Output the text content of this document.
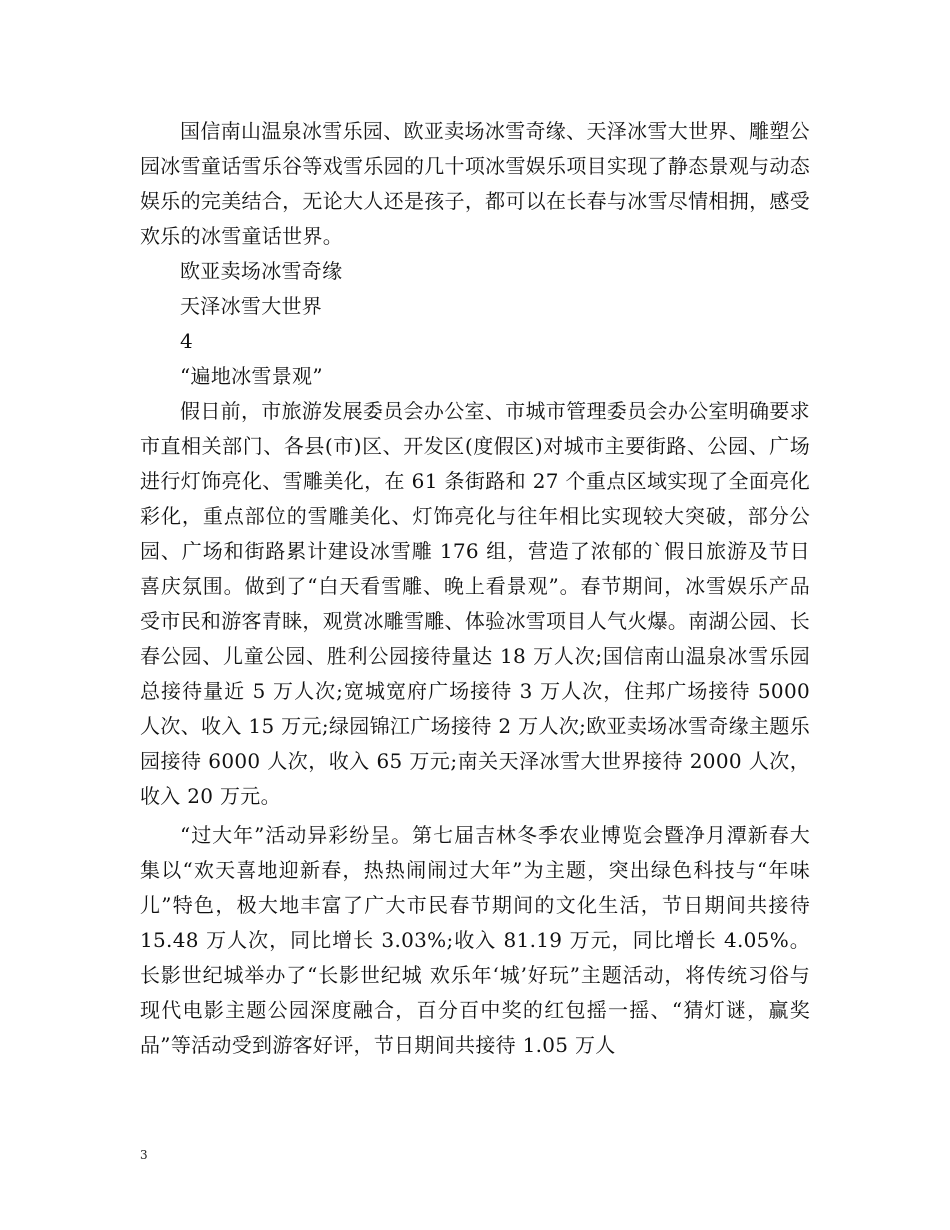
国信南山温泉冰雪乐园、欧亚卖场冰雪奇缘、天泽冰雪大世界、雕塑公园冰雪童话雪乐谷等戏雪乐园的几十项冰雪娱乐项目实现了静态景观与动态娱乐的完美结合，无论大人还是孩子，都可以在长春与冰雪尽情相拥，感受欢乐的冰雪童话世界。

欧亚卖场冰雪奇缘

天泽冰雪大世界

4

“遍地冰雪景观”

假日前，市旅游发展委员会办公室、市城市管理委员会办公室明确要求市直相关部门、各县(市)区、开发区(度假区)对城市主要街路、公园、广场进行灯饰亮化、雪雕美化，在 61 条街路和 27 个重点区域实现了全面亮化彩化，重点部位的雪雕美化、灯饰亮化与往年相比实现较大突破，部分公园、广场和街路累计建设冰雪雕 176 组，营造了浓郁的`假日旅游及节日喜庆氛围。做到了“白天看雪雕、晚上看景观”。春节期间，冰雪娱乐产品受市民和游客青睐，观赏冰雕雪雕、体验冰雪项目人气火爆。南湖公园、长春公园、儿童公园、胜利公园接待量达 18 万人次;国信南山温泉冰雪乐园总接待量近 5 万人次;宽城宽府广场接待 3 万人次，住邦广场接待 5000 人次、收入 15 万元;绿园锦江广场接待 2 万人次;欧亚卖场冰雪奇缘主题乐园接待 6000 人次，收入 65 万元;南关天泽冰雪大世界接待 2000 人次，收入 20 万元。

“过大年”活动异彩纷呈。第七届吉林冬季农业博览会暨净月潭新春大集以“欢天喜地迎新春，热热闹闹过大年”为主题，突出绿色科技与“年味儿”特色，极大地丰富了广大市民春节期间的文化生活，节日期间共接待 15.48 万人次，同比增长 3.03%;收入 81.19 万元，同比增长 4.05%。长影世纪城举办了“长影世纪城 欢乐年‘城’好玩”主题活动，将传统习俗与现代电影主题公园深度融合，百分百中奖的红包摇一摇、“猜灯谜，赢奖品”等活动受到游客好评，节日期间共接待 1.05 万人

3
